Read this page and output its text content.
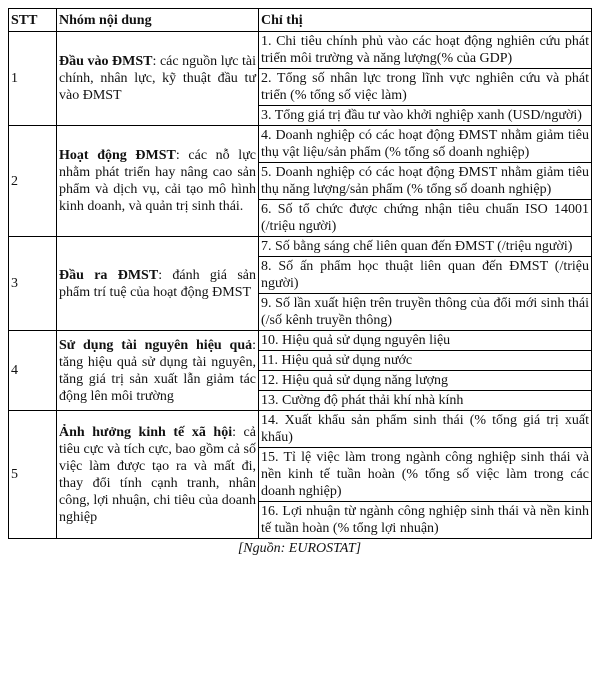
STT	Nhóm nội dung	Chỉ thị
1	Đầu vào ĐMST: các nguồn lực tài chính, nhân lực, kỹ thuật đầu tư vào ĐMST	1. Chi tiêu chính phủ vào các hoạt động nghiên cứu phát triển môi trường và năng lượng(% của GDP)
		2. Tổng số nhân lực trong lĩnh vực nghiên cứu và phát triển (% tổng số việc làm)
		3. Tổng giá trị đầu tư vào khởi nghiệp xanh (USD/người)
2	Hoạt động ĐMST: các nỗ lực nhằm phát triển hay nâng cao sản phẩm và dịch vụ, cải tạo mô hình kinh doanh, và quản trị sinh thái.	4. Doanh nghiệp có các hoạt động ĐMST nhằm giảm tiêu thụ vật liệu/sản phẩm (% tổng số doanh nghiệp)
		5. Doanh nghiệp có các hoạt động ĐMST nhằm giảm tiêu thụ năng lượng/sản phẩm (% tổng số doanh nghiệp)
		6. Số tổ chức được chứng nhận tiêu chuẩn ISO 14001 (/triệu người)
3	Đầu ra ĐMST: đánh giá sản phẩm trí tuệ của hoạt động ĐMST	7. Số bằng sáng chế liên quan đến ĐMST (/triệu người)
		8. Số ấn phẩm học thuật liên quan đến ĐMST (/triệu người)
		9. Số lần xuất hiện trên truyền thông của đổi mới sinh thái (/số kênh truyền thông)
4	Sử dụng tài nguyên hiệu quả: tăng hiệu quả sử dụng tài nguyên, tăng giá trị sản xuất lẫn giảm tác động lên môi trường	10. Hiệu quả sử dụng nguyên liệu
		11. Hiệu quả sử dụng nước
		12. Hiệu quả sử dụng năng lượng
		13. Cường độ phát thải khí nhà kính
5	Ảnh hưởng kinh tế xã hội: cả tiêu cực và tích cực, bao gồm cả số việc làm được tạo ra và mất đi, thay đổi tính cạnh tranh, nhân công, lợi nhuận, chi tiêu của doanh nghiệp	14. Xuất khẩu sản phẩm sinh thái (% tổng giá trị xuất khẩu)
		15. Tỉ lệ việc làm trong ngành công nghiệp sinh thái và nền kinh tế tuần hoàn (% tổng số việc làm trong các doanh nghiệp)
		16. Lợi nhuận từ ngành công nghiệp sinh thái và nền kinh tế tuần hoàn (% tổng lợi nhuận)
[Nguồn: EUROSTAT]
